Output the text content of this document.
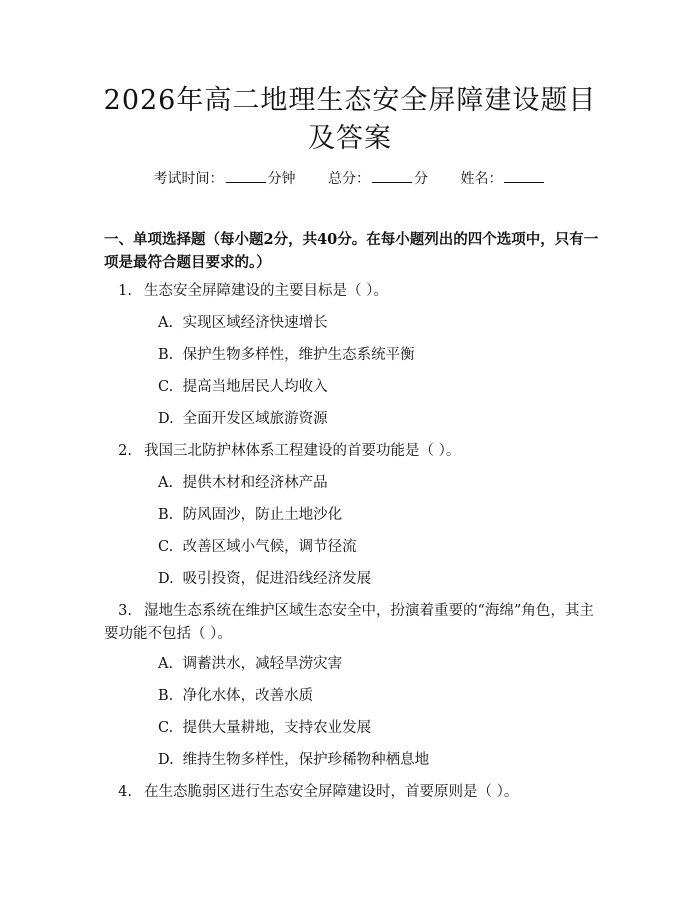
2026年高二地理生态安全屏障建设题目及答案
考试时间：	分钟 总分：	分 姓名：

一、单项选择题（每小题2分，共40分。在每小题列出的四个选项中，只有一项是最符合题目要求的。）

1. 生态安全屏障建设的主要目标是（ ）。
A. 实现区域经济快速增长
B. 保护生物多样性，维护生态系统平衡
C. 提高当地居民人均收入
D. 全面开发区域旅游资源
2. 我国三北防护林体系工程建设的首要功能是（ ）。
A. 提供木材和经济林产品
B. 防风固沙，防止土地沙化
C. 改善区域小气候，调节径流
D. 吸引投资，促进沿线经济发展
3. 湿地生态系统在维护区域生态安全中，扮演着重要的“海绵”角色，其主要功能不包括（ ）。
A. 调蓄洪水，减轻旱涝灾害
B. 净化水体，改善水质
C. 提供大量耕地，支持农业发展
D. 维持生物多样性，保护珍稀物种栖息地
4. 在生态脆弱区进行生态安全屏障建设时，首要原则是（ ）。
